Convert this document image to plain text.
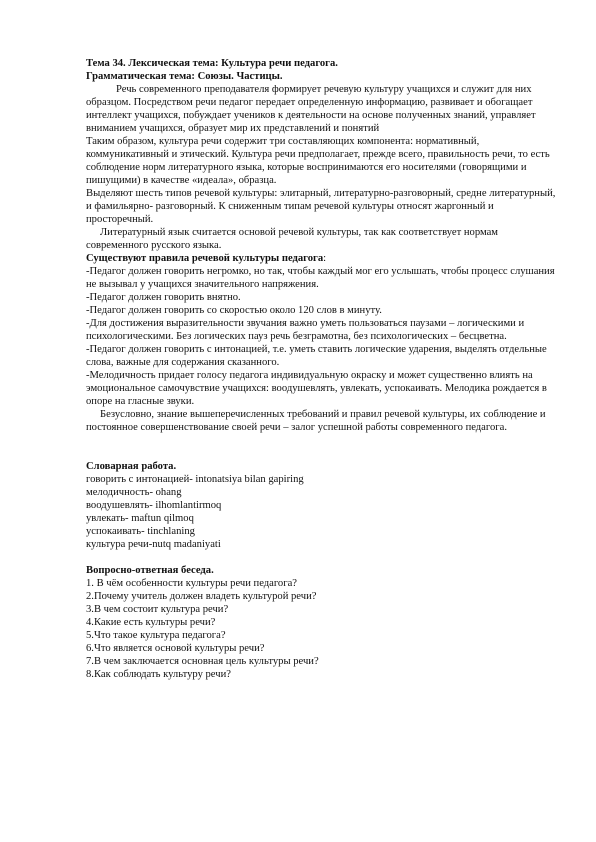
Тема 34. Лексическая тема: Культура речи педагога.

Грамматическая тема: Союзы. Частицы.

Речь современного преподавателя формирует речевую культуру учащихся и служит для них образцом. Посредством речи педагог передает определенную информацию, развивает и обогащает интеллект учащихся, побуждает учеников к деятельности на основе полученных знаний, управляет вниманием учащихся, образует мир их представлений и понятий

Таким образом, культура речи содержит три составляющих компонента: нормативный, коммуникативный и этический. Культура речи предполагает, прежде всего, правильность речи, то есть соблюдение норм литературного языка, которые воспринимаются его носителями (говорящими и пишущими) в качестве «идеала», образца.

Выделяют шесть типов речевой культуры: элитарный, литературно-разговорный, средне литературный, и фамильярно- разговорный. К сниженным типам речевой культуры относят жаргонный и просторечный.

Литературный язык считается основой речевой культуры, так как соответствует нормам современного русского языка.

Существуют правила речевой культуры педагога:

-Педагог должен говорить негромко, но так, чтобы каждый мог его услышать, чтобы процесс слушания не вызывал у учащихся значительного напряжения.

-Педагог должен говорить внятно.

-Педагог должен говорить со скоростью около 120 слов в минуту.

-Для достижения выразительности звучания важно уметь пользоваться паузами – логическими и психологическими. Без логических пауз речь безграмотна, без психологических – бесцветна.

-Педагог должен говорить с интонацией, т.е. уметь ставить логические ударения, выделять отдельные слова, важные для содержания сказанного.

-Мелодичность придает голосу педагога индивидуальную окраску и может существенно влиять на эмоциональное самочувствие учащихся: воодушевлять, увлекать, успокаивать. Мелодика рождается в опоре на гласные звуки.

Безусловно, знание вышеперечисленных требований и правил речевой культуры, их соблюдение и постоянное совершенствование своей речи – залог успешной работы современного педагога.

Словарная работа.

говорить с интонацией- intonatsiya bilan gapiring
мелодичность- ohang
воодушевлять- ilhomlantirmoq
увлекать- maftun qilmoq
успокаивать- tinchlaning
культура речи-nutq madaniyati

Вопросно-ответная беседа.

1. В чём особенности культуры речи педагога?
2.Почему учитель должен владеть культурой речи?
3.В чем состоит культура речи?
4.Какие есть культуры речи?
5.Что такое культура педагога?
6.Что является основой культуры речи?
7.В чем заключается основная цель культуры речи?
8.Как соблюдать культуру речи?
